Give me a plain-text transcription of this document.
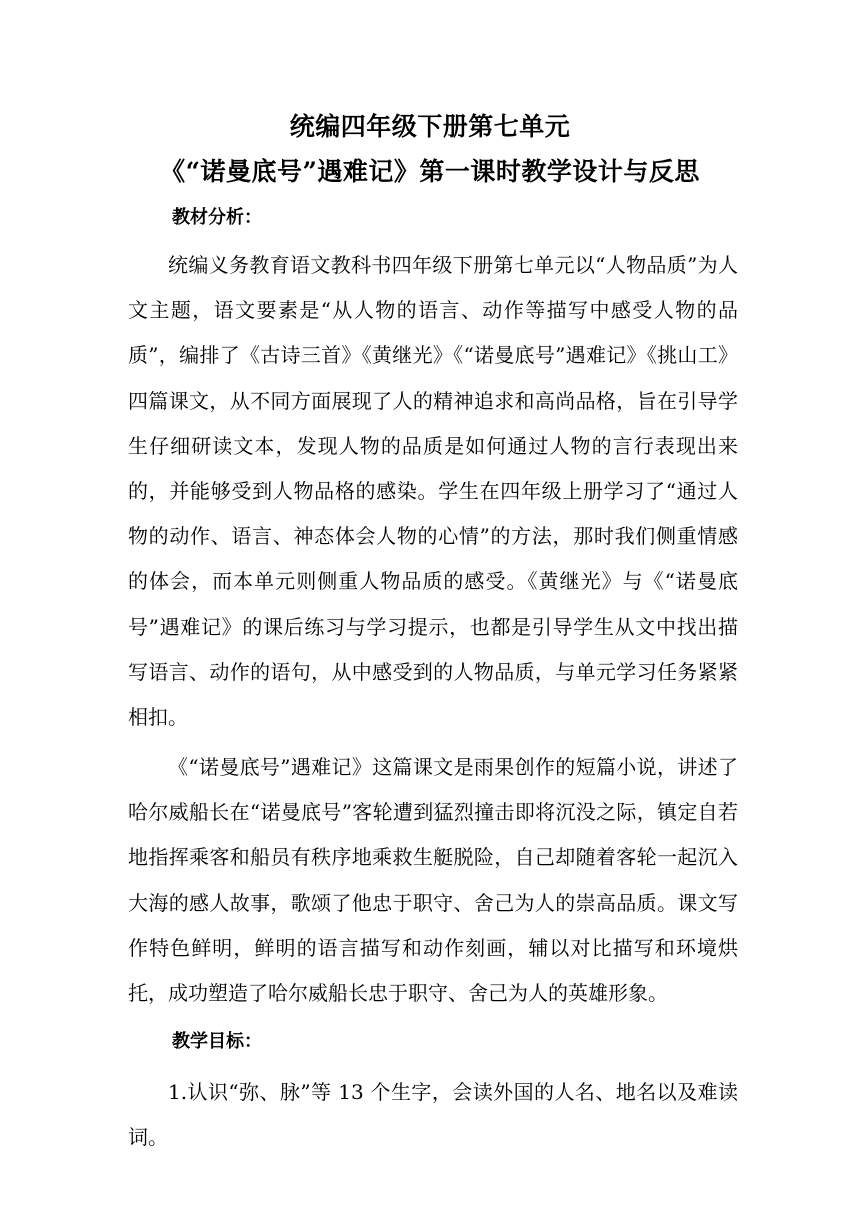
统编四年级下册第七单元
《“诺曼底号”遇难记》第一课时教学设计与反思
教材分析：
统编义务教育语文教科书四年级下册第七单元以“人物品质”为人文主题，语文要素是“从人物的语言、动作等描写中感受人物的品质”，编排了《古诗三首》《黄继光》《“诺曼底号”遇难记》《挑山工》四篇课文，从不同方面展现了人的精神追求和高尚品格，旨在引导学生仔细研读文本，发现人物的品质是如何通过人物的言行表现出来的，并能够受到人物品格的感染。学生在四年级上册学习了“通过人物的动作、语言、神态体会人物的心情”的方法，那时我们侧重情感的体会，而本单元则侧重人物品质的感受。《黄继光》与《“诺曼底号”遇难记》的课后练习与学习提示，也都是引导学生从文中找出描写语言、动作的语句，从中感受到的人物品质，与单元学习任务紧紧相扣。
《“诺曼底号”遇难记》这篇课文是雨果创作的短篇小说，讲述了哈尔威船长在“诺曼底号”客轮遭到猛烈撞击即将沉没之际，镇定自若地指挥乘客和船员有秩序地乘救生艇脱险，自己却随着客轮一起沉入大海的感人故事，歌颂了他忠于职守、舍己为人的崇高品质。课文写作特色鲜明，鲜明的语言描写和动作刻画，辅以对比描写和环境烘托，成功塑造了哈尔威船长忠于职守、舍己为人的英雄形象。
教学目标：
1.认识“弥、脉”等 13 个生字，会读外国的人名、地名以及难读词。
